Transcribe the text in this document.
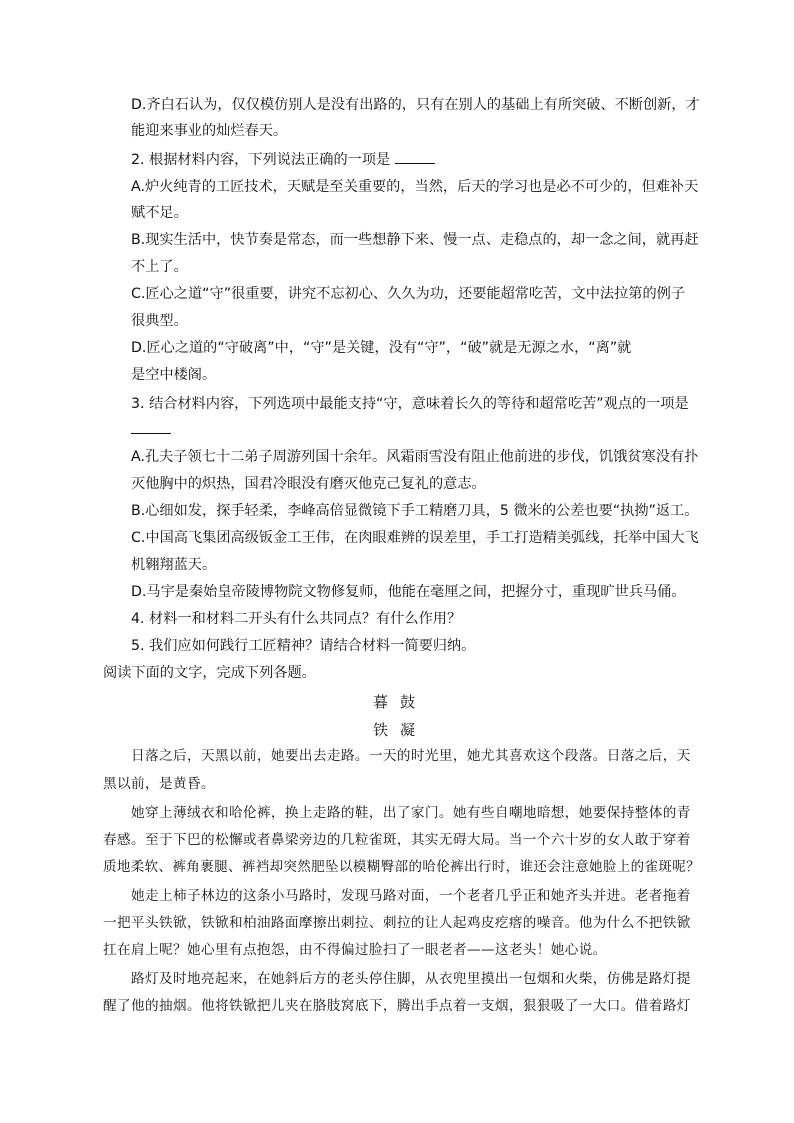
D.齐白石认为，仅仅模仿别人是没有出路的，只有在别人的基础上有所突破、不断创新，才
能迎来事业的灿烂春天。
2. 根据材料内容，下列说法正确的一项是
A.炉火纯青的工匠技术，天赋是至关重要的，当然，后天的学习也是必不可少的，但难补天
赋不足。
B.现实生活中，快节奏是常态，而一些想静下来、慢一点、走稳点的，却一念之间，就再赶
不上了。
C.匠心之道“守”很重要，讲究不忘初心、久久为功，还要能超常吃苦，文中法拉第的例子
很典型。
D.匠心之道的“守破离”中，“守”是关键，没有“守”，“破”就是无源之水，“离”就
是空中楼阁。
3. 结合材料内容，下列选项中最能支持“守，意味着长久的等待和超常吃苦”观点的一项是
A.孔夫子领七十二弟子周游列国十余年。风霜雨雪没有阻止他前进的步伐，饥饿贫寒没有扑
灭他胸中的炽热，国君冷眼没有磨灭他克己复礼的意志。
B.心细如发，探手轻柔，李峰高倍显微镜下手工精磨刀具，5 微米的公差也要“执拗”返工。
C.中国高飞集团高级钣金工王伟，在肉眼难辨的误差里，手工打造精美弧线，托举中国大飞
机翱翔蓝天。
D.马宇是秦始皇帝陵博物院文物修复师，他能在毫厘之间，把握分寸，重现旷世兵马俑。
4. 材料一和材料二开头有什么共同点？有什么作用？
5. 我们应如何践行工匠精神？请结合材料一简要归纳。
阅读下面的文字，完成下列各题。
暮鼓
铁凝
日落之后，天黑以前，她要出去走路。一天的时光里，她尤其喜欢这个段落。日落之后，天
黑以前，是黄昏。
她穿上薄绒衣和哈伦裤，换上走路的鞋，出了家门。她有些自嘲地暗想，她要保持整体的青
春感。至于下巴的松懈或者鼻梁旁边的几粒雀斑，其实无碍大局。当一个六十岁的女人敢于穿着
质地柔软、裤角裹腿、裤裆却突然肥坠以模糊臀部的哈伦裤出行时，谁还会注意她脸上的雀斑呢？
她走上柿子林边的这条小马路时，发现马路对面，一个老者几乎正和她齐头并进。老者拖着
一把平头铁锨，铁锨和柏油路面摩擦出刺拉、刺拉的让人起鸡皮疙瘩的噪音。他为什么不把铁锨
扛在肩上呢？她心里有点抱怨，由不得偏过脸扫了一眼老者——这老头！她心说。
路灯及时地亮起来，在她斜后方的老头停住脚，从衣兜里摸出一包烟和火柴，仿佛是路灯提
醒了他的抽烟。他将铁锨把儿夹在胳肢窝底下，腾出手点着一支烟，狠狠吸了一大口。借着路灯
